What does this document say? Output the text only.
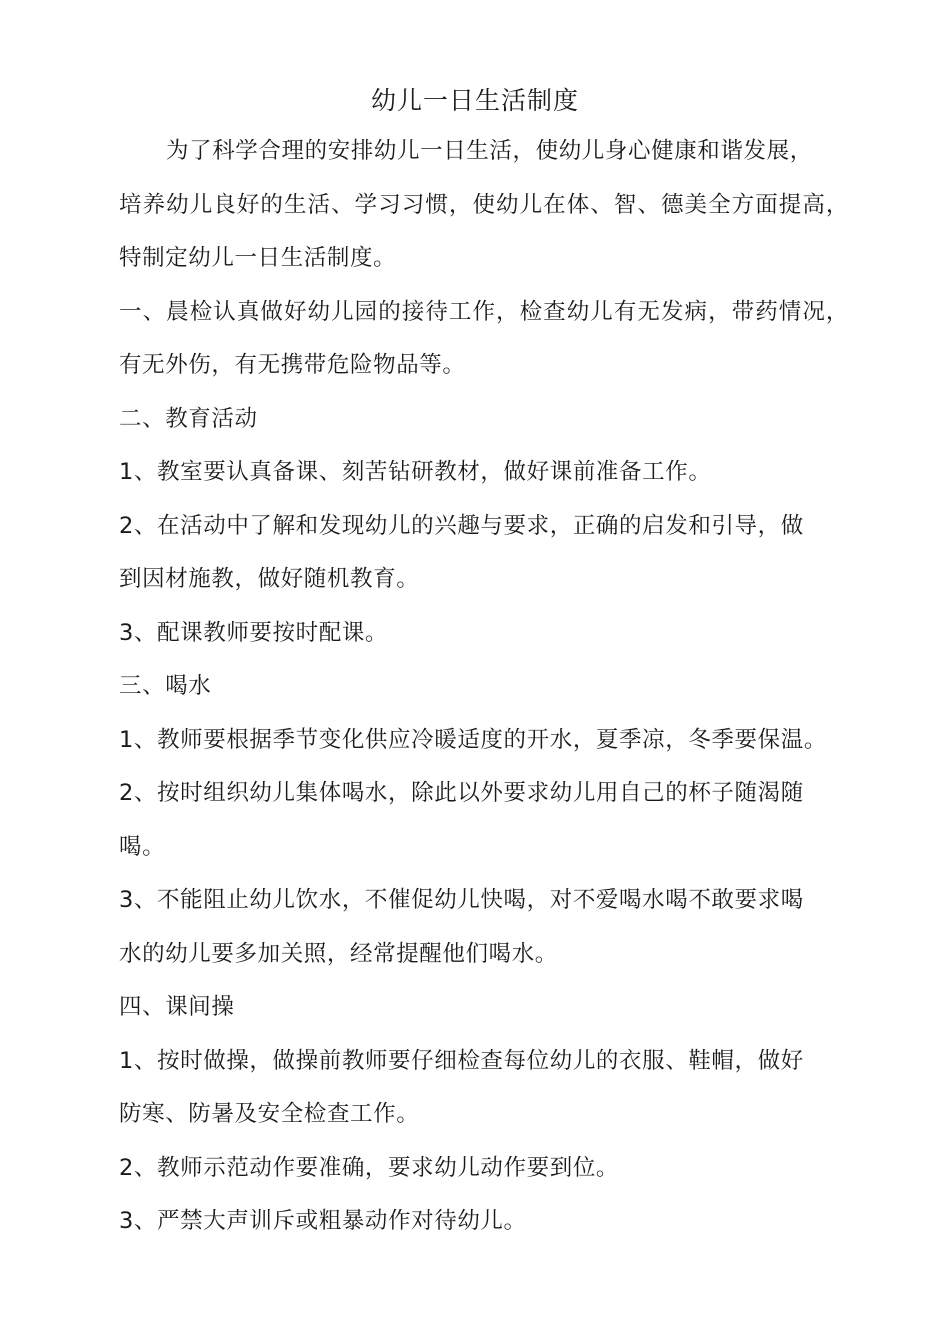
幼儿一日生活制度
为了科学合理的安排幼儿一日生活，使幼儿身心健康和谐发展，
培养幼儿良好的生活、学习习惯，使幼儿在体、智、德美全方面提高，
特制定幼儿一日生活制度。
一、晨检认真做好幼儿园的接待工作，检查幼儿有无发病，带药情况，
有无外伤，有无携带危险物品等。
二、教育活动
1、教室要认真备课、刻苦钻研教材，做好课前准备工作。
2、在活动中了解和发现幼儿的兴趣与要求，正确的启发和引导，做
到因材施教，做好随机教育。
3、配课教师要按时配课。
三、喝水
1、教师要根据季节变化供应冷暖适度的开水，夏季凉，冬季要保温。
2、按时组织幼儿集体喝水，除此以外要求幼儿用自己的杯子随渴随
喝。
3、不能阻止幼儿饮水，不催促幼儿快喝，对不爱喝水喝不敢要求喝
水的幼儿要多加关照，经常提醒他们喝水。
四、课间操
1、按时做操，做操前教师要仔细检查每位幼儿的衣服、鞋帽，做好
防寒、防暑及安全检查工作。
2、教师示范动作要准确，要求幼儿动作要到位。
3、严禁大声训斥或粗暴动作对待幼儿。
